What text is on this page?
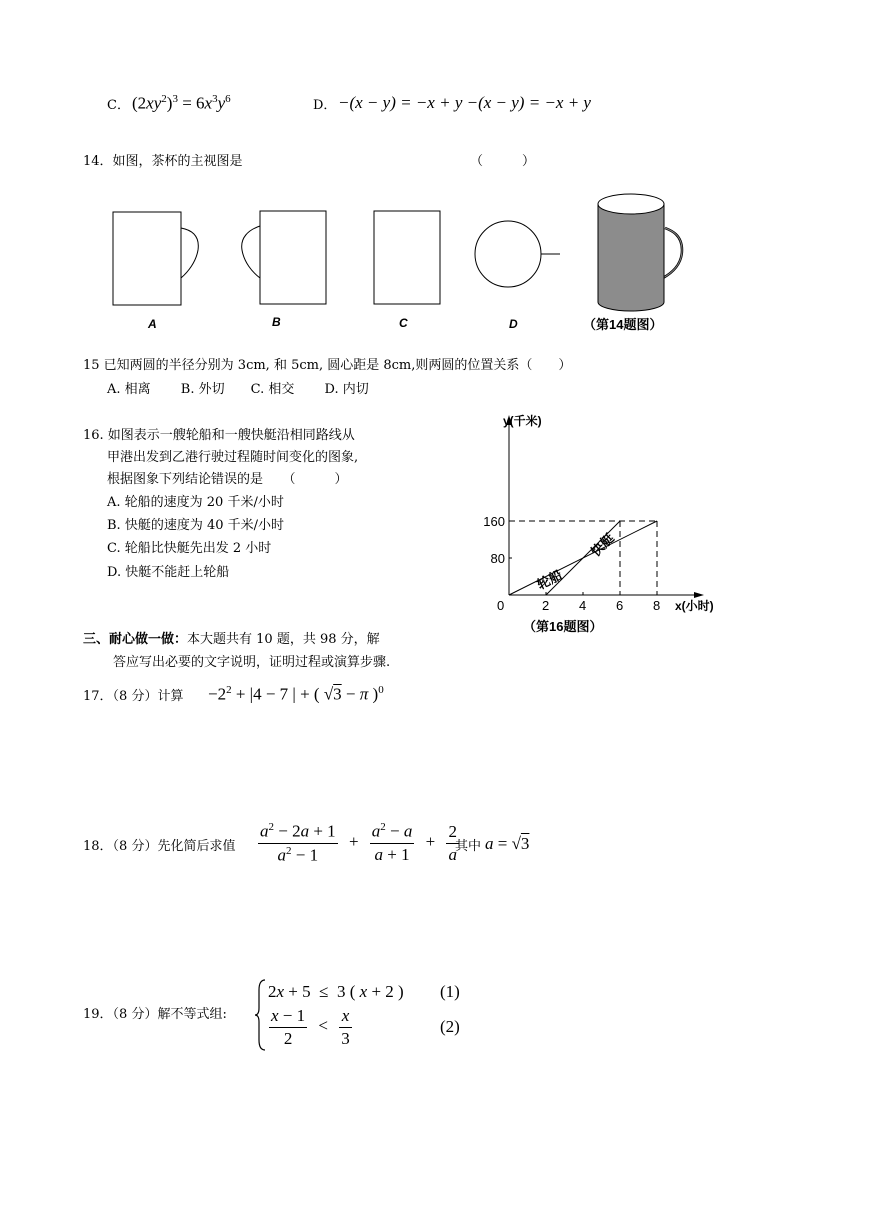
C． $(2xy^2)^3 = 6x^3y^6$	D． −(x − y) = −x + y −(x − y) = −x + y
14．如图，茶杯的主视图是	（　　　）
A	B	C	D	（第14题图）
15 已知两圆的半径分别为 3cm, 和 5cm, 圆心距是 8cm,则两圆的位置关系（　　）
A. 相离　　 B. 外切　　C. 相交　　 D. 内切
16. 如图表示一艘轮船和一艘快艇沿相同路线从
甲港出发到乙港行驶过程随时间变化的图象,
根据图象下列结论错误的是　　（　　　）
A. 轮船的速度为 20 千米/小时
B. 快艇的速度为 40 千米/小时
C. 轮船比快艇先出发 2 小时
D. 快艇不能赶上轮船
0	2 4 6 8
80
160
轮船
快艇
y(千米)
x(小时)
（第16题图）
三、耐心做一做：本大题共有 10 题，共 98 分，解
答应写出必要的文字说明，证明过程或演算步骤.
17．（8 分）计算 $-2^2 + |4 - 7$ | + ( √3 − π )$^0$
18．（8 分）先化简后求值 $\frac{a^2 - 2a + 1}{a^2 - 1} + \frac{a^2 - a}{a + 1} + \frac{2}{a}$
其中 a = √3
19．（8 分）解不等式组:
2x + 5  ≤  3 ( x + 2 )
$\frac{x - 1}{2} < \frac{x}{3}$
(1)
(2)
